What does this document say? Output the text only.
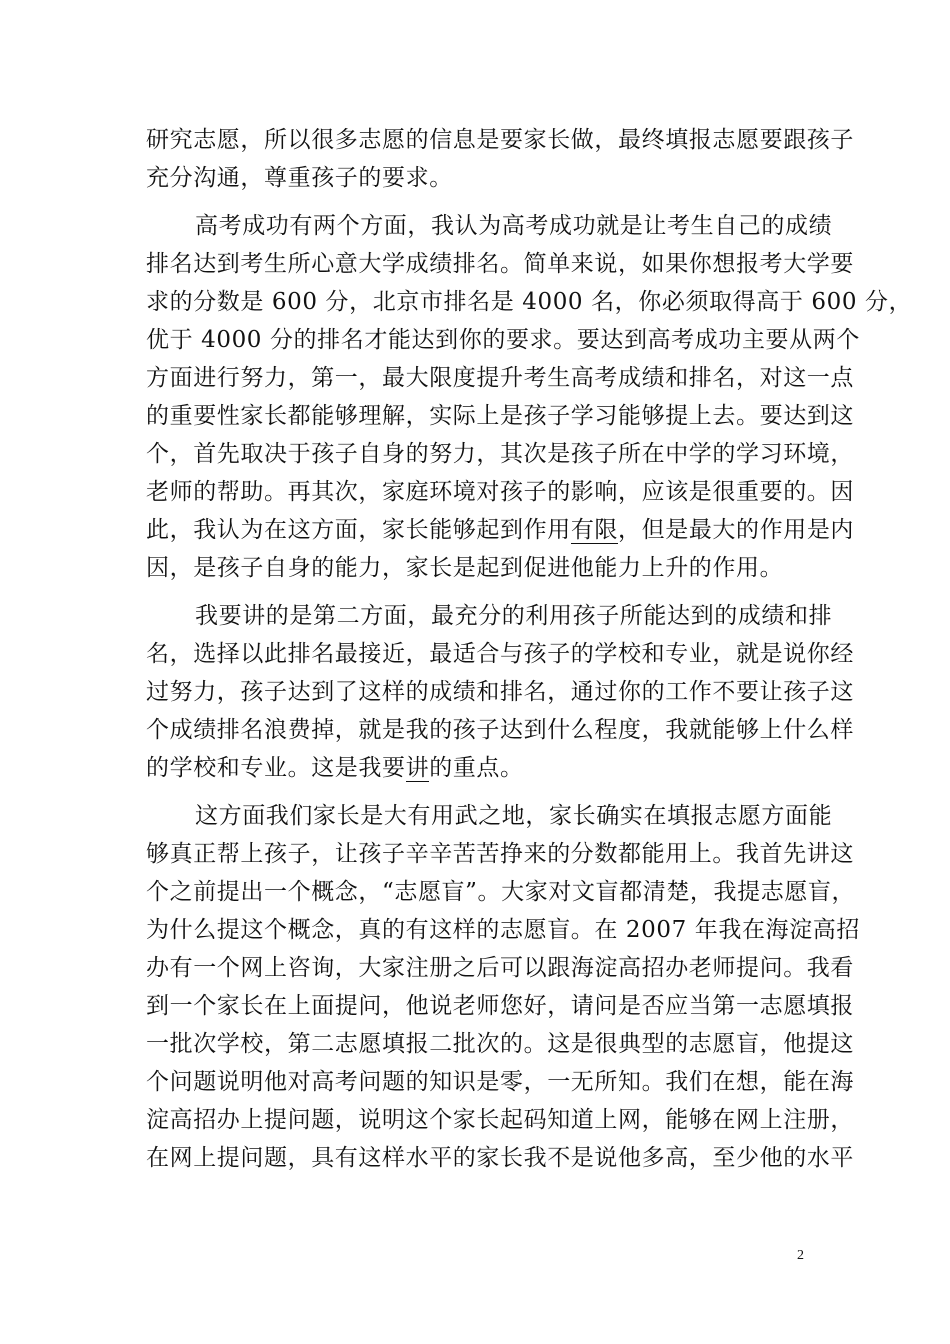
研究志愿，所以很多志愿的信息是要家长做，最终填报志愿要跟孩子
充分沟通，尊重孩子的要求。
高考成功有两个方面，我认为高考成功就是让考生自己的成绩
排名达到考生所心意大学成绩排名。简单来说，如果你想报考大学要
求的分数是 600 分，北京市排名是 4000 名，你必须取得高于 600 分，
优于 4000 分的排名才能达到你的要求。要达到高考成功主要从两个
方面进行努力，第一，最大限度提升考生高考成绩和排名，对这一点
的重要性家长都能够理解，实际上是孩子学习能够提上去。要达到这
个，首先取决于孩子自身的努力，其次是孩子所在中学的学习环境，
老师的帮助。再其次，家庭环境对孩子的影响，应该是很重要的。因
此，我认为在这方面，家长能够起到作用有限，但是最大的作用是内
因，是孩子自身的能力，家长是起到促进他能力上升的作用。
我要讲的是第二方面，最充分的利用孩子所能达到的成绩和排
名，选择以此排名最接近，最适合与孩子的学校和专业，就是说你经
过努力，孩子达到了这样的成绩和排名，通过你的工作不要让孩子这
个成绩排名浪费掉，就是我的孩子达到什么程度，我就能够上什么样
的学校和专业。这是我要讲的重点。
这方面我们家长是大有用武之地，家长确实在填报志愿方面能
够真正帮上孩子，让孩子辛辛苦苦挣来的分数都能用上。我首先讲这
个之前提出一个概念，“志愿盲”。大家对文盲都清楚，我提志愿盲，
为什么提这个概念，真的有这样的志愿盲。在 2007 年我在海淀高招
办有一个网上咨询，大家注册之后可以跟海淀高招办老师提问。我看
到一个家长在上面提问，他说老师您好，请问是否应当第一志愿填报
一批次学校，第二志愿填报二批次的。这是很典型的志愿盲，他提这
个问题说明他对高考问题的知识是零，一无所知。我们在想，能在海
淀高招办上提问题，说明这个家长起码知道上网，能够在网上注册，
在网上提问题，具有这样水平的家长我不是说他多高，至少他的水平
2
